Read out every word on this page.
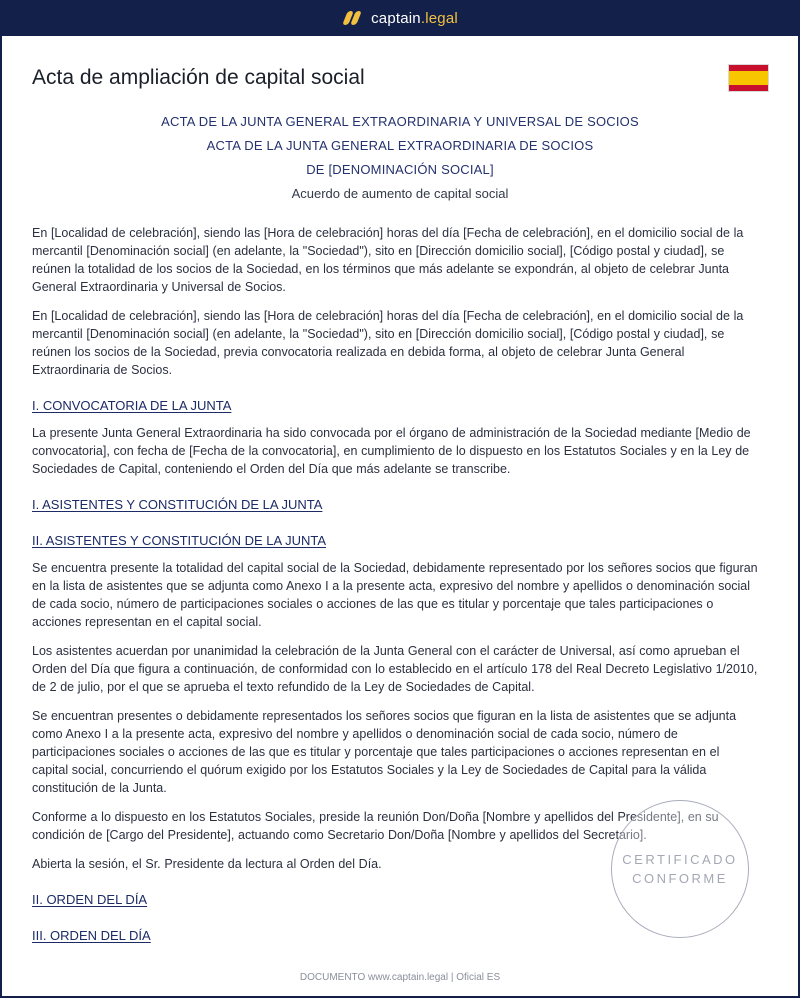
captain.legal
Acta de ampliación de capital social
ACTA DE LA JUNTA GENERAL EXTRAORDINARIA Y UNIVERSAL DE SOCIOS
ACTA DE LA JUNTA GENERAL EXTRAORDINARIA DE SOCIOS
DE [DENOMINACIÓN SOCIAL]
Acuerdo de aumento de capital social
En [Localidad de celebración], siendo las [Hora de celebración] horas del día [Fecha de celebración], en el domicilio social de la mercantil [Denominación social] (en adelante, la "Sociedad"), sito en [Dirección domicilio social], [Código postal y ciudad], se reúnen la totalidad de los socios de la Sociedad, en los términos que más adelante se expondrán, al objeto de celebrar Junta General Extraordinaria y Universal de Socios.
En [Localidad de celebración], siendo las [Hora de celebración] horas del día [Fecha de celebración], en el domicilio social de la mercantil [Denominación social] (en adelante, la "Sociedad"), sito en [Dirección domicilio social], [Código postal y ciudad], se reúnen los socios de la Sociedad, previa convocatoria realizada en debida forma, al objeto de celebrar Junta General Extraordinaria de Socios.
I. CONVOCATORIA DE LA JUNTA
La presente Junta General Extraordinaria ha sido convocada por el órgano de administración de la Sociedad mediante [Medio de convocatoria], con fecha de [Fecha de la convocatoria], en cumplimiento de lo dispuesto en los Estatutos Sociales y en la Ley de Sociedades de Capital, conteniendo el Orden del Día que más adelante se transcribe.
I. ASISTENTES Y CONSTITUCIÓN DE LA JUNTA
II. ASISTENTES Y CONSTITUCIÓN DE LA JUNTA
Se encuentra presente la totalidad del capital social de la Sociedad, debidamente representado por los señores socios que figuran en la lista de asistentes que se adjunta como Anexo I a la presente acta, expresivo del nombre y apellidos o denominación social de cada socio, número de participaciones sociales o acciones de las que es titular y porcentaje que tales participaciones o acciones representan en el capital social.
Los asistentes acuerdan por unanimidad la celebración de la Junta General con el carácter de Universal, así como aprueban el Orden del Día que figura a continuación, de conformidad con lo establecido en el artículo 178 del Real Decreto Legislativo 1/2010, de 2 de julio, por el que se aprueba el texto refundido de la Ley de Sociedades de Capital.
Se encuentran presentes o debidamente representados los señores socios que figuran en la lista de asistentes que se adjunta como Anexo I a la presente acta, expresivo del nombre y apellidos o denominación social de cada socio, número de participaciones sociales o acciones de las que es titular y porcentaje que tales participaciones o acciones representan en el capital social, concurriendo el quórum exigido por los Estatutos Sociales y la Ley de Sociedades de Capital para la válida constitución de la Junta.
Conforme a lo dispuesto en los Estatutos Sociales, preside la reunión Don/Doña [Nombre y apellidos del Presidente], en su condición de [Cargo del Presidente], actuando como Secretario Don/Doña [Nombre y apellidos del Secretario].
Abierta la sesión, el Sr. Presidente da lectura al Orden del Día.
II. ORDEN DEL DÍA
III. ORDEN DEL DÍA
CERTIFICADO
CONFORME
DOCUMENTO www.captain.legal | Oficial ES
